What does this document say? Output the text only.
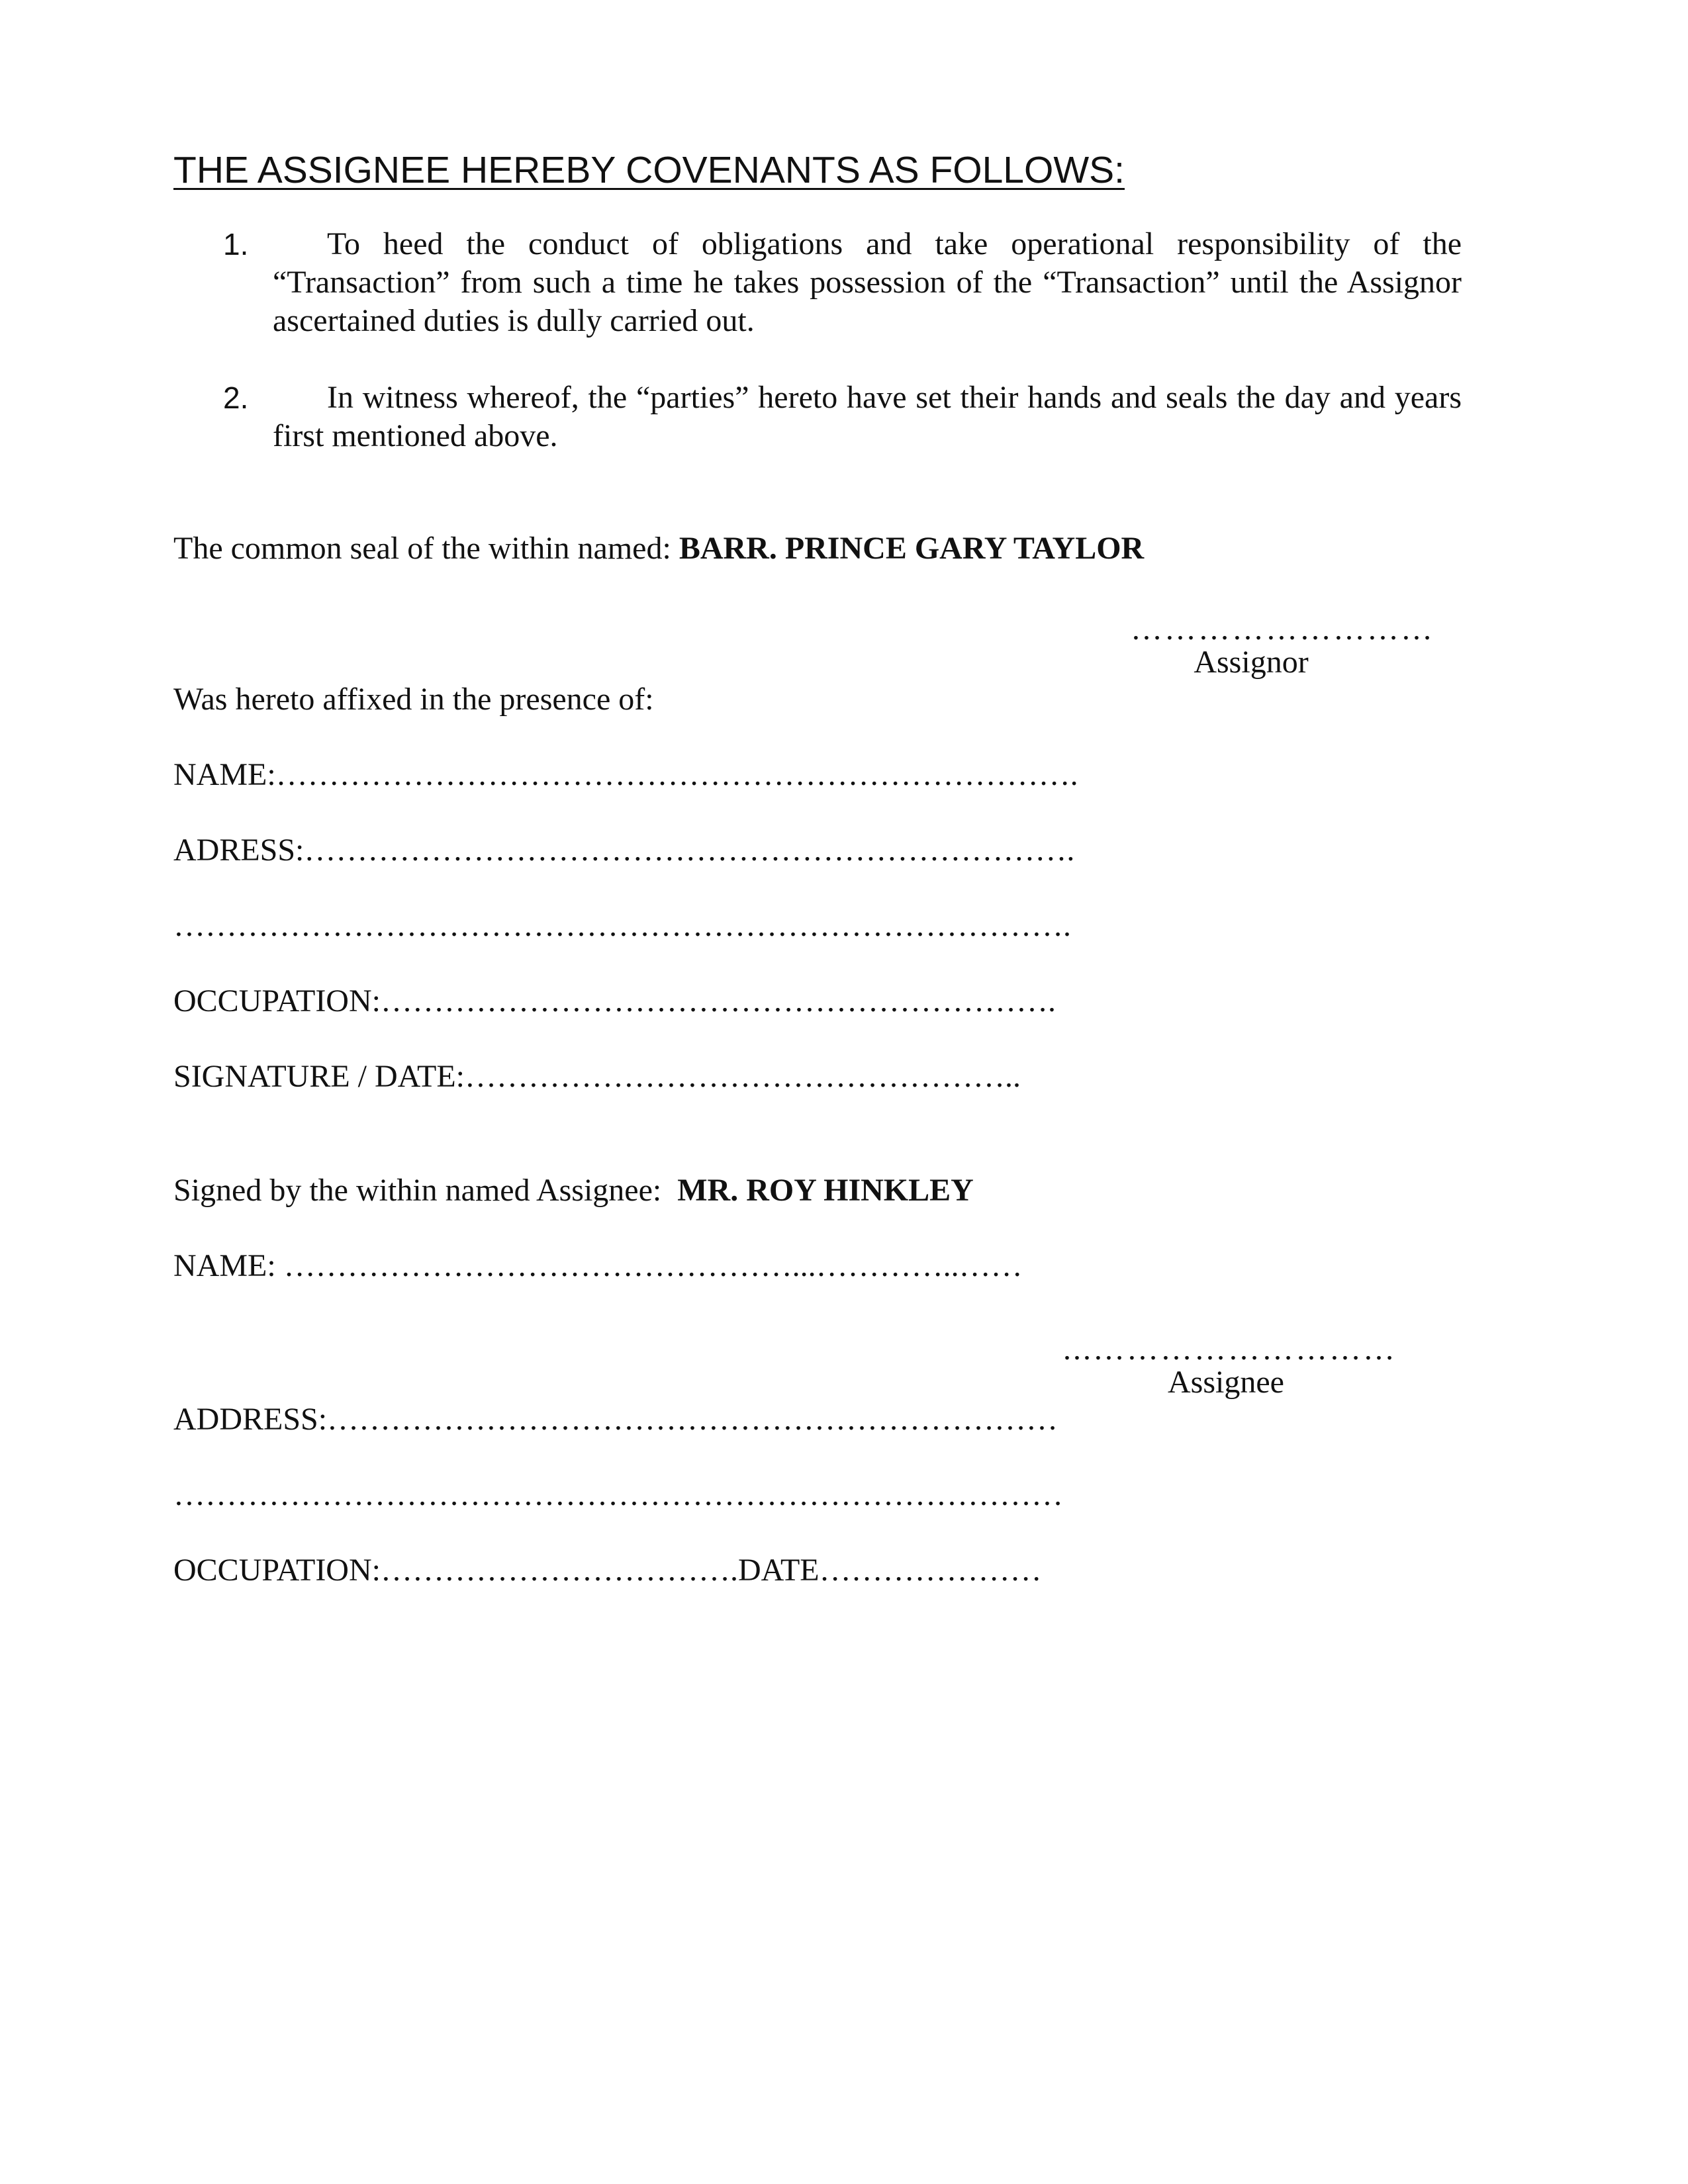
THE ASSIGNEE HEREBY COVENANTS AS FOLLOWS:
1.	To heed the conduct of obligations and take operational responsibility of the “Transaction” from such a time he takes possession of the “Transaction” until the Assignor ascertained duties is dully carried out.
2.	In witness whereof, the “parties” hereto have set their hands and seals the day and years first mentioned above.
The common seal of the within named: BARR. PRINCE GARY TAYLOR
………………………
Assignor
Was hereto affixed in the presence of:
NAME:………………………………………………………………….
ADRESS:……………………………………………………………….
………………………………………………………………………….
OCCUPATION:……………………………………………………….
SIGNATURE / DATE:……………………………………………..
Signed by the within named Assignee:  MR. ROY HINKLEY
NAME: …………………………………………...…………..……
...………………………
Assignee
ADDRESS:……………………………………………………………
…………………………………………………………………………
OCCUPATION:…………………………….DATE…………………
